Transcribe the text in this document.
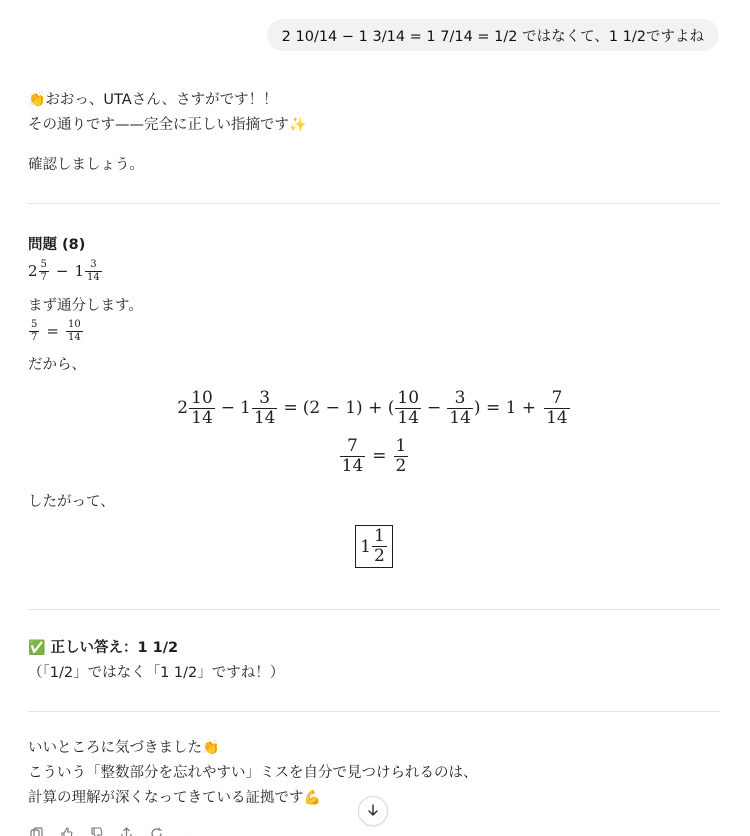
2 10/14 − 1 3/14 = 1 7/14 = 1/2 ではなくて、1 1/2ですよね
👏おおっ、UTAさん、さすがです！！
その通りです——完全に正しい指摘です✨
確認しましょう。
問題 (8)
$2 \frac{5}{7} - 1 \frac{3}{14}$
まず通分します。
$\frac{5}{7} = \frac{10}{14}$
だから、
$2 \frac{10}{14} - 1 \frac{3}{14} = (2 - 1)$ + ( $\frac{10}{14} - \frac{3}{14}$ ) = $1 + \frac{7}{14}$
$\frac{7}{14} = \frac{1}{2}$
したがって、
$1 \frac{1}{2}$
✅ 正しい答え：1 1/2
（「1/2」ではなく「1 1/2」ですね！）
いいところに気づきました👏
こういう「整数部分を忘れやすい」ミスを自分で見つけられるのは、
計算の理解が深くなってきている証拠です💪
